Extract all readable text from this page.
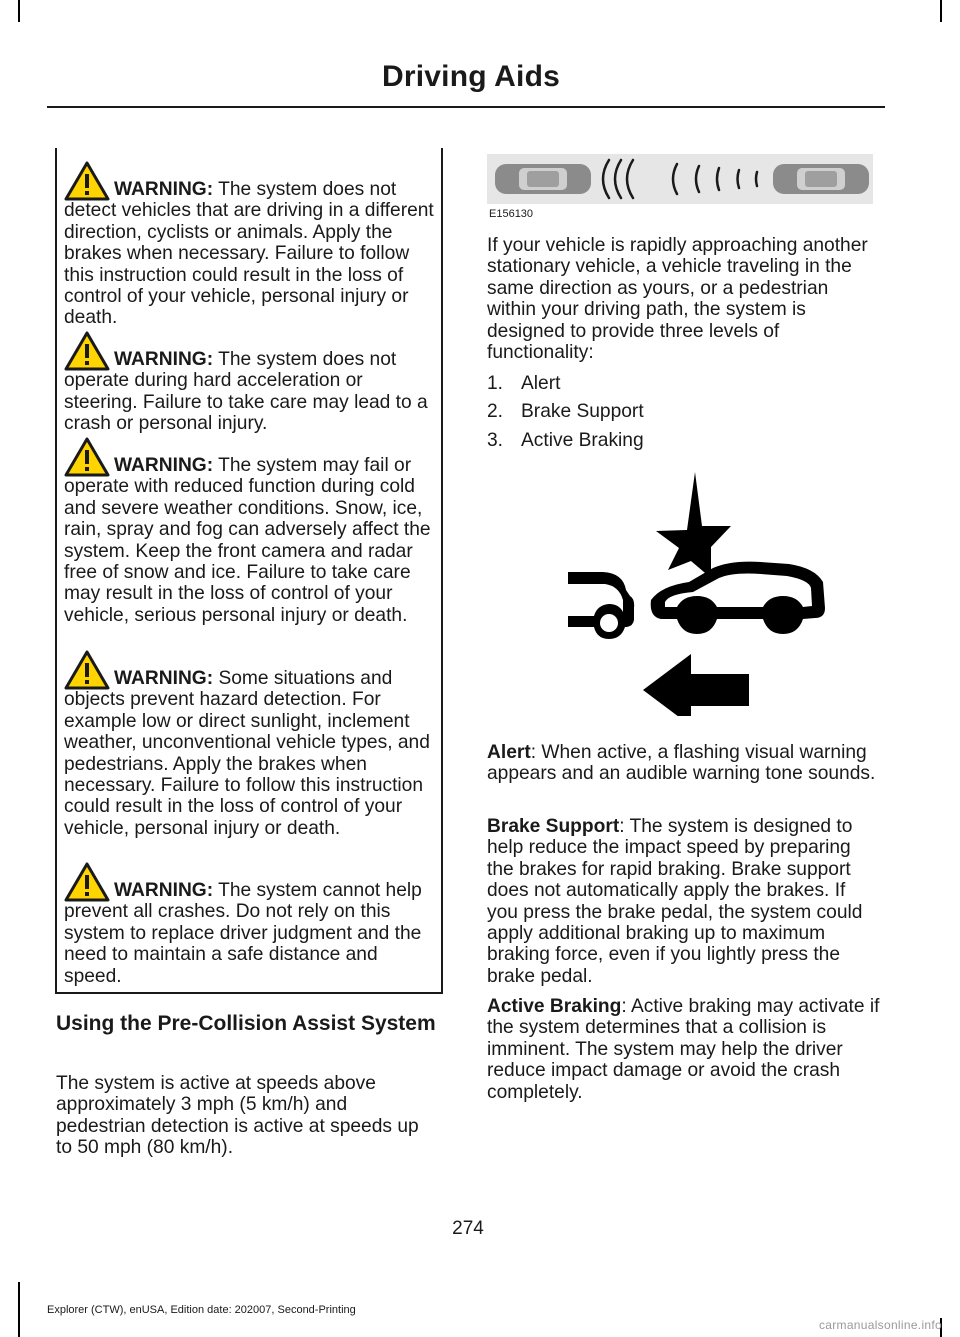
Driving Aids

WARNING: The system does not detect vehicles that are driving in a different direction, cyclists or animals. Apply the brakes when necessary. Failure to follow this instruction could result in the loss of control of your vehicle, personal injury or death.

WARNING: The system does not operate during hard acceleration or steering. Failure to take care may lead to a crash or personal injury.

WARNING: The system may fail or operate with reduced function during cold and severe weather conditions. Snow, ice, rain, spray and fog can adversely affect the system. Keep the front camera and radar free of snow and ice. Failure to take care may result in the loss of control of your vehicle, serious personal injury or death.

WARNING: Some situations and objects prevent hazard detection. For example low or direct sunlight, inclement weather, unconventional vehicle types, and pedestrians. Apply the brakes when necessary. Failure to follow this instruction could result in the loss of control of your vehicle, personal injury or death.

WARNING: The system cannot help prevent all crashes. Do not rely on this system to replace driver judgment and the need to maintain a safe distance and speed.

Using the Pre-Collision Assist System

The system is active at speeds above approximately 3 mph (5 km/h) and pedestrian detection is active at speeds up to 50 mph (80 km/h).

E156130

If your vehicle is rapidly approaching another stationary vehicle, a vehicle traveling in the same direction as yours, or a pedestrian within your driving path, the system is designed to provide three levels of functionality:

1. Alert
2. Brake Support
3. Active Braking

Alert: When active, a flashing visual warning appears and an audible warning tone sounds.

Brake Support: The system is designed to help reduce the impact speed by preparing the brakes for rapid braking. Brake support does not automatically apply the brakes. If you press the brake pedal, the system could apply additional braking up to maximum braking force, even if you lightly press the brake pedal.

Active Braking: Active braking may activate if the system determines that a collision is imminent. The system may help the driver reduce impact damage or avoid the crash completely.

274
Explorer (CTW), enUSA, Edition date: 202007, Second-Printing
carmanualsonline.info
